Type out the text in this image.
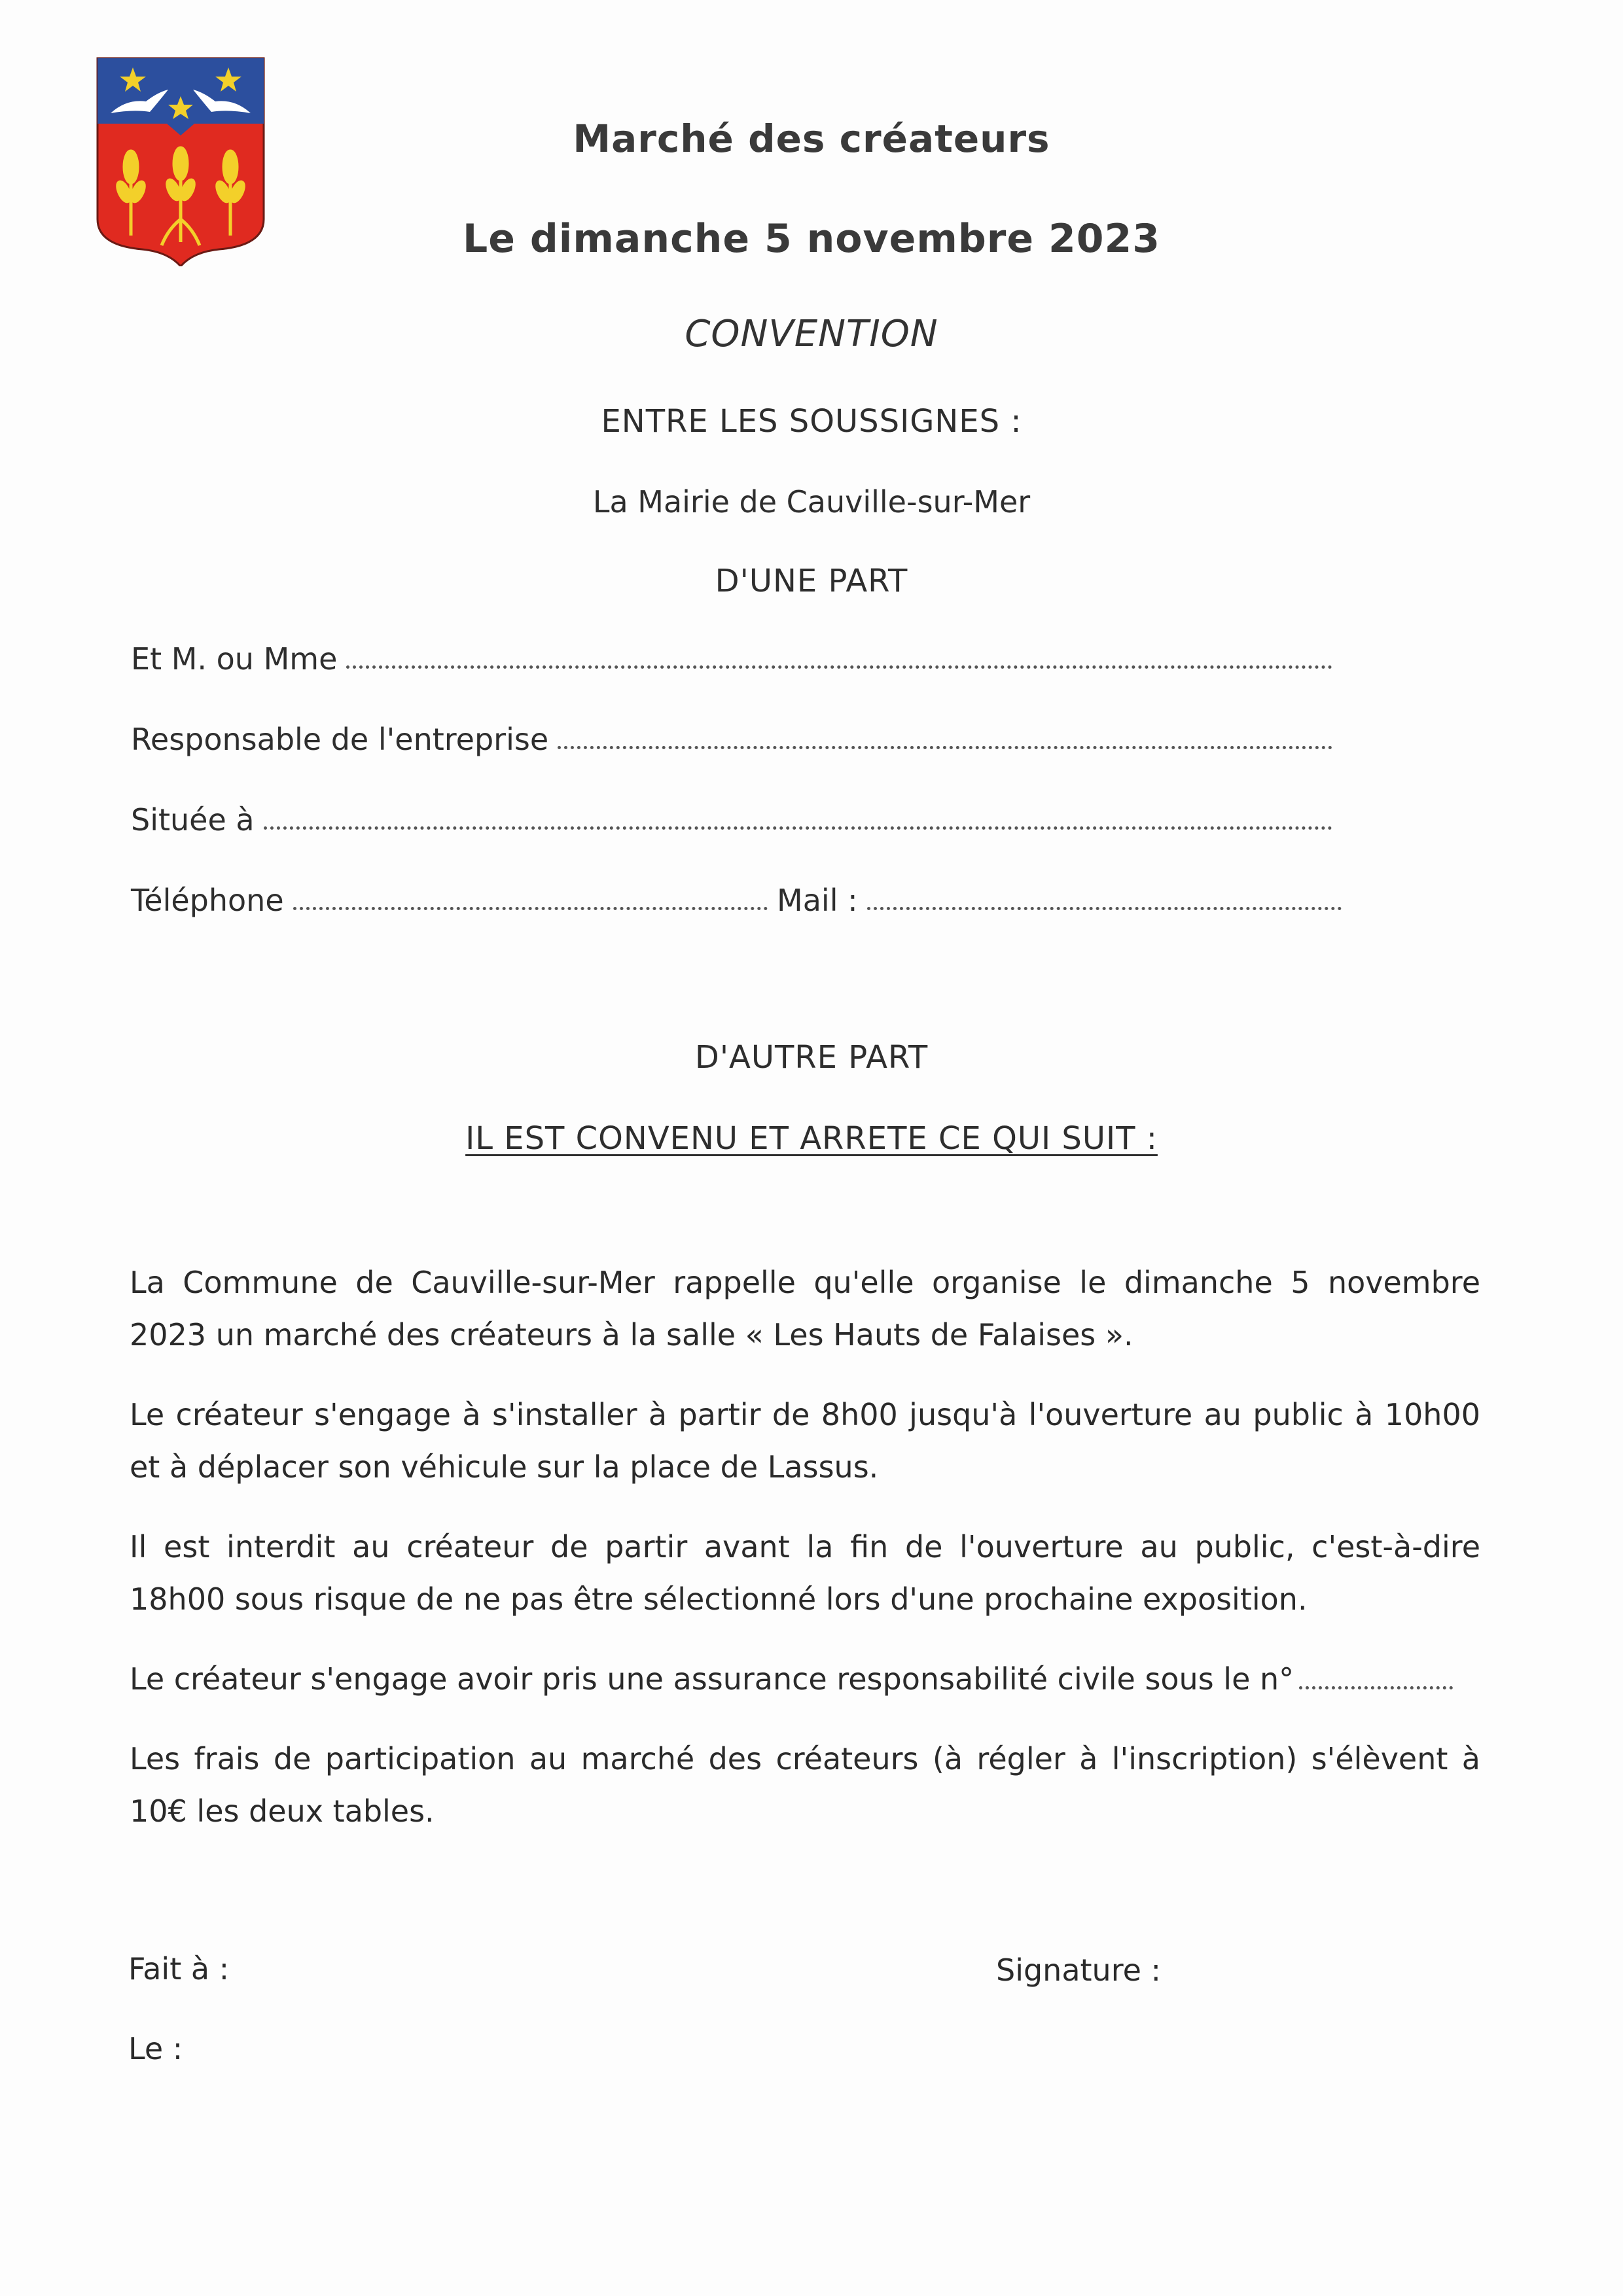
Marché des créateurs
Le dimanche 5 novembre 2023
CONVENTION
ENTRE LES SOUSSIGNES :
La Mairie de Cauville-sur-Mer
D'UNE PART
Et M. ou Mme
Responsable de l'entreprise
Située à
Téléphone	Mail :
D'AUTRE PART
IL EST CONVENU ET ARRETE CE QUI SUIT :
La Commune de Cauville-sur-Mer rappelle qu'elle organise le dimanche 5 novembre 2023 un marché des créateurs à la salle « Les Hauts de Falaises ».
Le créateur s'engage à s'installer à partir de 8h00 jusqu'à l'ouverture au public à 10h00 et à déplacer son véhicule sur la place de Lassus.
Il est interdit au créateur de partir avant la fin de l'ouverture au public, c'est-à-dire 18h00 sous risque de ne pas être sélectionné lors d'une prochaine exposition.
Le créateur s'engage avoir pris une assurance responsabilité civile sous le n°
Les frais de participation au marché des créateurs (à régler à l'inscription) s'élèvent à 10€ les deux tables.
Fait à :
Le :
Signature :
